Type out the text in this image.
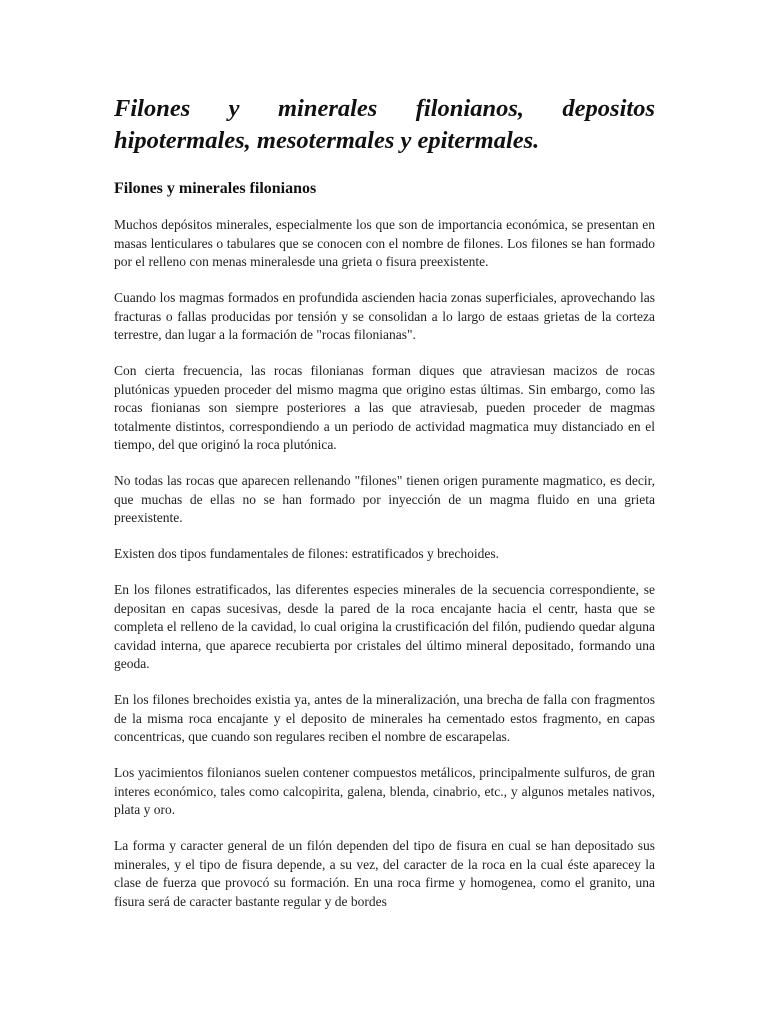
Filones y minerales filonianos, depositos hipotermales, mesotermales y epitermales.
Filones y minerales filonianos

Muchos depósitos minerales, especialmente los que son de importancia económica, se presentan en masas lenticulares o tabulares que se conocen con el nombre de filones. Los filones se han formado por el relleno con menas mineralesde una grieta o fisura preexistente.

Cuando los magmas formados en profundida ascienden hacia zonas superficiales, aprovechando las fracturas o fallas producidas por tensión y se consolidan a lo largo de estaas grietas de la corteza terrestre, dan lugar a la formación de "rocas filonianas".

Con cierta frecuencia, las rocas filonianas forman diques que atraviesan macizos de rocas plutónicas ypueden proceder del mismo magma que origino estas últimas. Sin embargo, como las rocas fionianas son siempre posteriores a las que atraviesab, pueden proceder de magmas totalmente distintos, correspondiendo a un periodo de actividad magmatica muy distanciado en el tiempo, del que originó la roca plutónica.

No todas las rocas que aparecen rellenando "filones" tienen origen puramente magmatico, es decir, que muchas de ellas no se han formado por inyección de un magma fluido en una grieta preexistente.

Existen dos tipos fundamentales de filones: estratificados y brechoides.

En los filones estratificados, las diferentes especies minerales de la secuencia correspondiente, se depositan en capas sucesivas, desde la pared de la roca encajante hacia el centr, hasta que se completa el relleno de la cavidad, lo cual origina la crustificación del filón, pudiendo quedar alguna cavidad interna, que aparece recubierta por cristales del último mineral depositado, formando una geoda.

En los filones brechoides existia ya, antes de la mineralización, una brecha de falla con fragmentos de la misma roca encajante y el deposito de minerales ha cementado estos fragmento, en capas concentricas, que cuando son regulares reciben el nombre de escarapelas.

Los yacimientos filonianos suelen contener compuestos metálicos, principalmente sulfuros, de gran interes económico, tales como calcopirita, galena, blenda, cinabrio, etc., y algunos metales nativos, plata y oro.

La forma y caracter general de un filón dependen del tipo de fisura en cual se han depositado sus minerales, y el tipo de fisura depende, a su vez, del caracter de la roca en la cual éste aparecey la clase de fuerza que provocó su formación. En una roca firme y homogenea, como el granito, una fisura será de caracter bastante regular y de bordes
